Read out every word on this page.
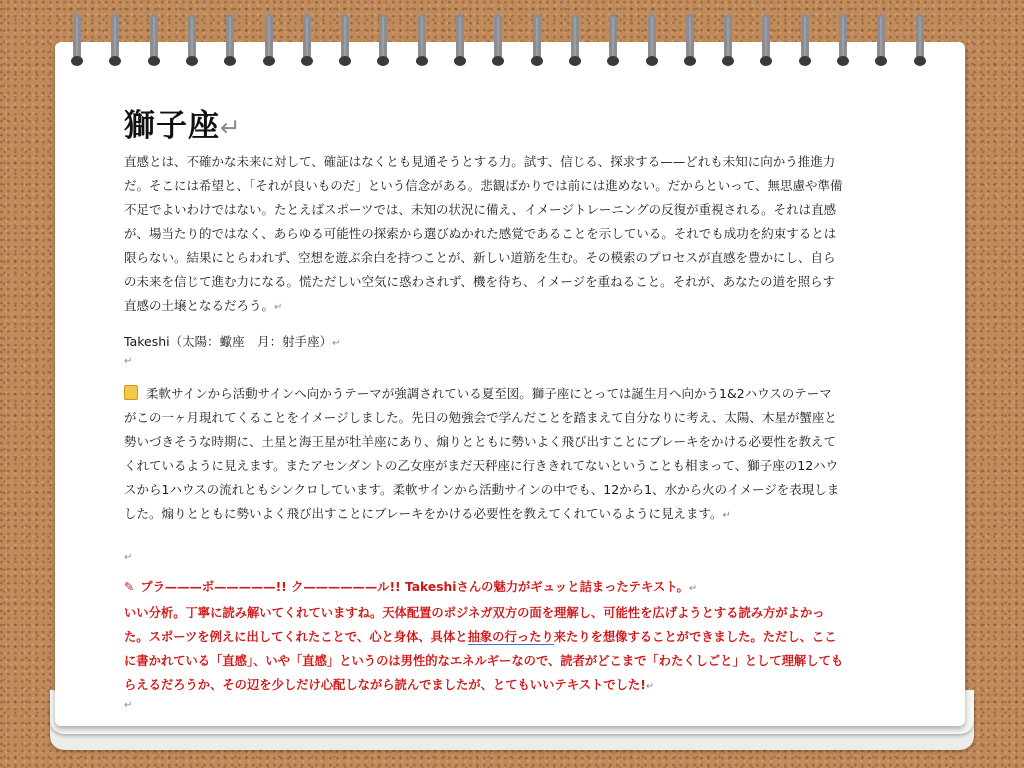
獅子座↵
直感とは、不確かな未来に対して、確証はなくとも見通そうとする力。試す、信じる、探求する——どれも未知に向かう推進力だ。そこには希望と、「それが良いものだ」という信念がある。悲観ばかりでは前には進めない。だからといって、無思慮や準備不足でよいわけではない。たとえばスポーツでは、未知の状況に備え、イメージトレーニングの反復が重視される。それは直感が、場当たり的ではなく、あらゆる可能性の探索から選びぬかれた感覚であることを示している。それでも成功を約束するとは限らない。結果にとらわれず、空想を遊ぶ余白を持つことが、新しい道筋を生む。その模索のプロセスが直感を豊かにし、自らの未来を信じて進む力になる。慌ただしい空気に惑わされず、機を待ち、イメージを重ねること。それが、あなたの道を照らす直感の土壌となるだろう。↵
Takeshi（太陽：蠍座　月：射手座）↵
↵
柔軟サインから活動サインへ向かうテーマが強調されている夏至図。獅子座にとっては誕生月へ向かう1&2ハウスのテーマがこの一ヶ月現れてくることをイメージしました。先日の勉強会で学んだことを踏まえて自分なりに考え、太陽、木星が蟹座と勢いづきそうな時期に、土星と海王星が牡羊座にあり、煽りとともに勢いよく飛び出すことにブレーキをかける必要性を教えてくれているように見えます。またアセンダントの乙女座がまだ天秤座に行ききれてないということも相まって、獅子座の12ハウスから1ハウスの流れともシンクロしています。柔軟サインから活動サインの中でも、12から1、水から火のイメージを表現しました。煽りとともに勢いよく飛び出すことにブレーキをかける必要性を教えてくれているように見えます。↵
↵
✎ ブラ———ボ—————!! ク——————ル!! Takeshiさんの魅力がギュッと詰まったテキスト。↵
いい分析。丁寧に読み解いてくれていますね。天体配置のポジネガ双方の面を理解し、可能性を広げようとする読み方がよかった。スポーツを例えに出してくれたことで、心と身体、具体と抽象の行ったり来たりを想像することができました。ただし、ここに書かれている「直感」、いや「直感」というのは男性的なエネルギーなので、読者がどこまで「わたくしごと」として理解してもらえるだろうか、その辺を少しだけ心配しながら読んでましたが、とてもいいテキストでした!↵
↵
